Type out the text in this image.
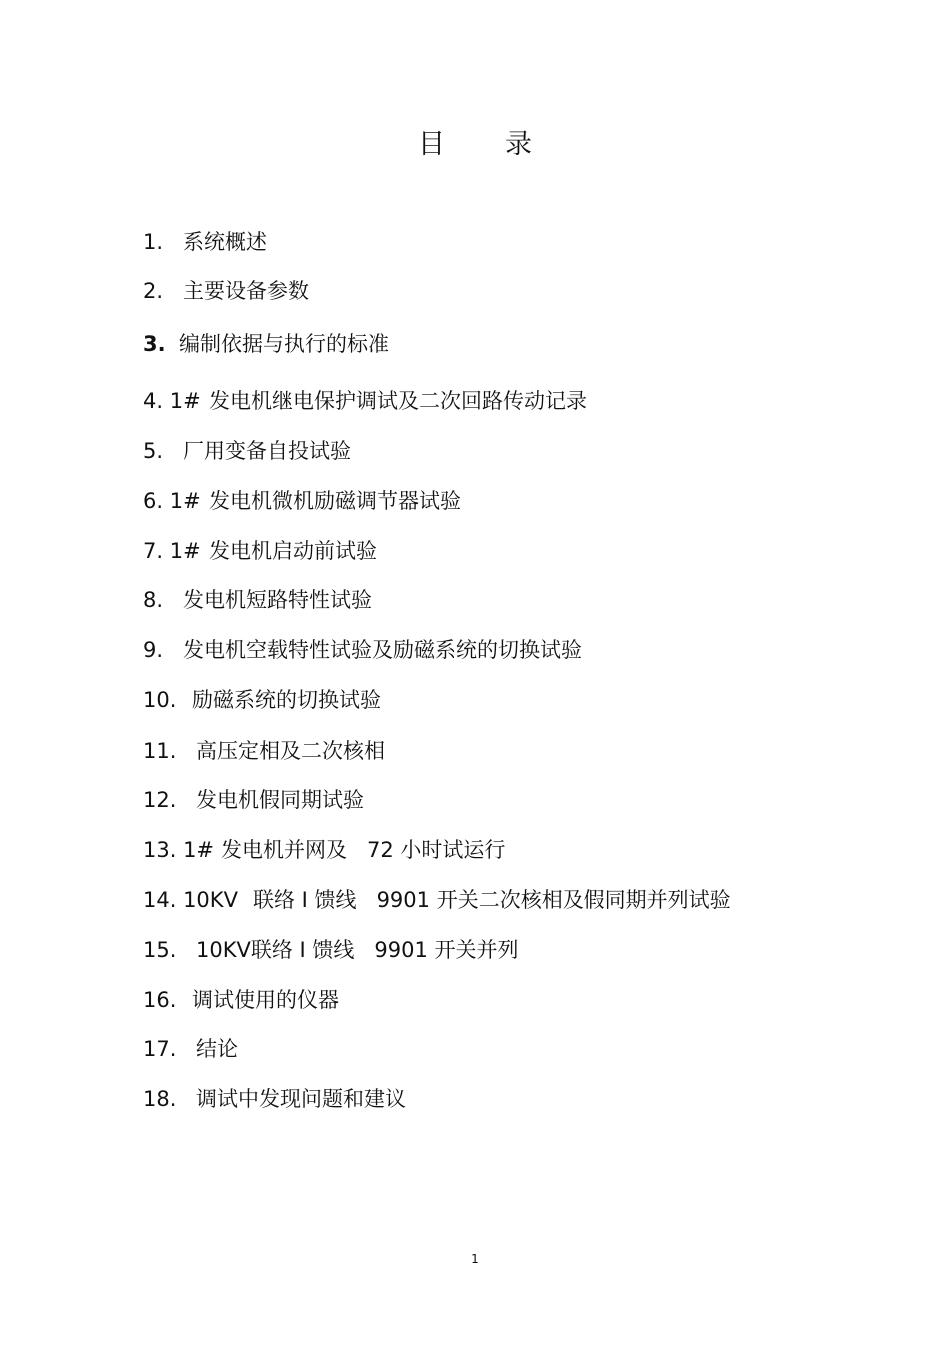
目 录
1. 系统概述
2. 主要设备参数
3. 编制依据与执行的标准
4. 1# 发电机继电保护调试及二次回路传动记录
5. 厂用变备自投试验
6. 1# 发电机微机励磁调节器试验
7. 1# 发电机启动前试验
8. 发电机短路特性试验
9. 发电机空载特性试验及励磁系统的切换试验
10. 励磁系统的切换试验
11. 高压定相及二次核相
12. 发电机假同期试验
13. 1# 发电机并网及   72 小时试运行
14. 10KV 联络 I 馈线   9901 开关二次核相及假同期并列试验
15. 10KV联络 I 馈线   9901 开关并列
16. 调试使用的仪器
17. 结论
18. 调试中发现问题和建议
1
